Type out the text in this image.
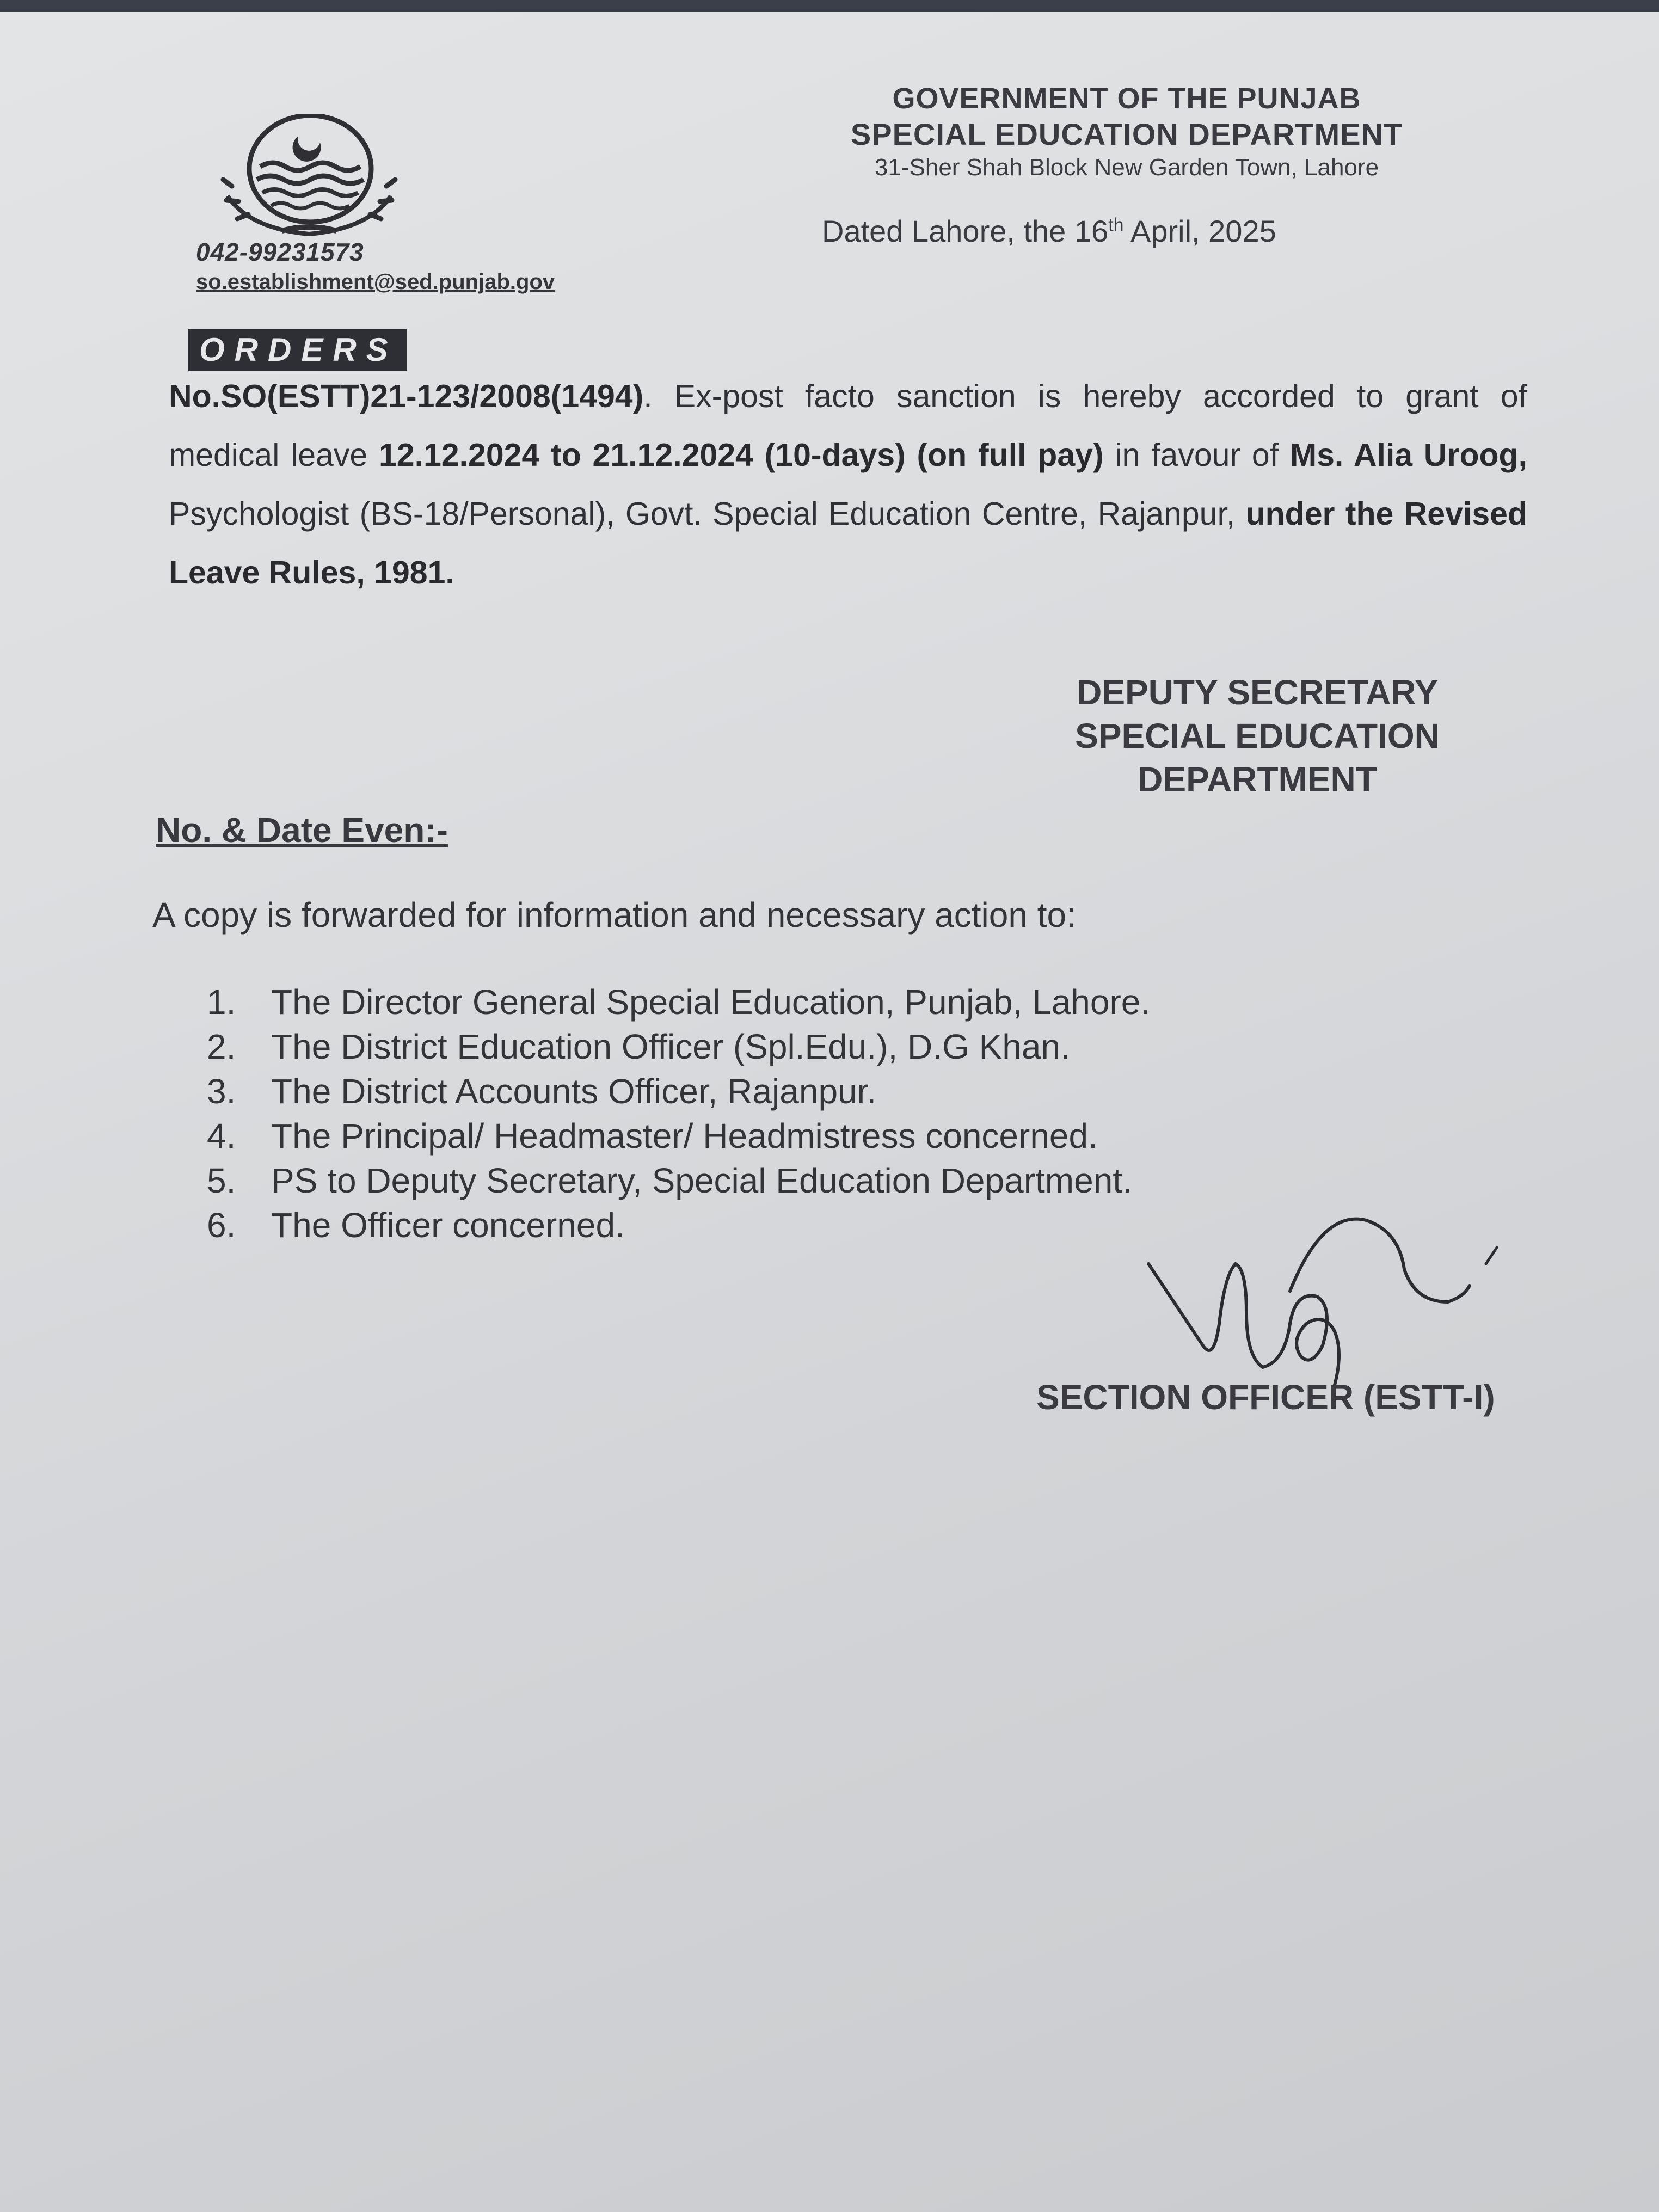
042-99231573
so.establishment@sed.punjab.gov
GOVERNMENT OF THE PUNJAB
SPECIAL EDUCATION DEPARTMENT
31-Sher Shah Block New Garden Town, Lahore
Dated Lahore, the 16th April, 2025
ORDERS
No.SO(ESTT)21-123/2008(1494). Ex-post facto sanction is hereby accorded to grant of medical leave 12.12.2024 to 21.12.2024 (10-days) (on full pay) in favour of Ms. Alia Uroog, Psychologist (BS-18/Personal), Govt. Special Education Centre, Rajanpur, under the Revised Leave Rules, 1981.
DEPUTY SECRETARY
SPECIAL EDUCATION
DEPARTMENT
No. & Date Even:-
A copy is forwarded for information and necessary action to:
1. The Director General Special Education, Punjab, Lahore.
2. The District Education Officer (Spl.Edu.), D.G Khan.
3. The District Accounts Officer, Rajanpur.
4. The Principal/ Headmaster/ Headmistress concerned.
5. PS to Deputy Secretary, Special Education Department.
6. The Officer concerned.
SECTION OFFICER (ESTT-I)
